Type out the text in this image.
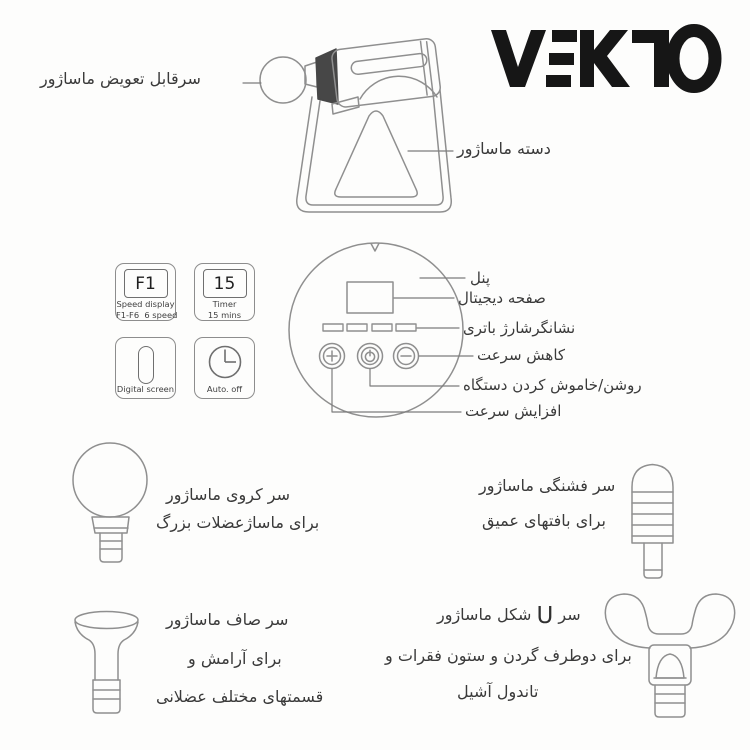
سرقابل تعویض ماساژور
دسته ماساژور
F1
Speed display
F1-F6  6 speed
15
Timer
15 mins
Digital screen	Auto. off
پنل
صفحه دیجیتال
نشانگرشارژ باتری
کاهش سرعت
روشن/خاموش کردن دستگاه
افزایش سرعت
سر کروی ماساژور
برای ماساژعضلات بزرگ
سر فشنگی ماساژور
برای بافتهای عمیق
سر صاف ماساژور
برای آرامش و
قسمتهای مختلف عضلانی
سر U شکل ماساژور
برای دوطرف گردن و ستون فقرات و
تاندول آشیل
